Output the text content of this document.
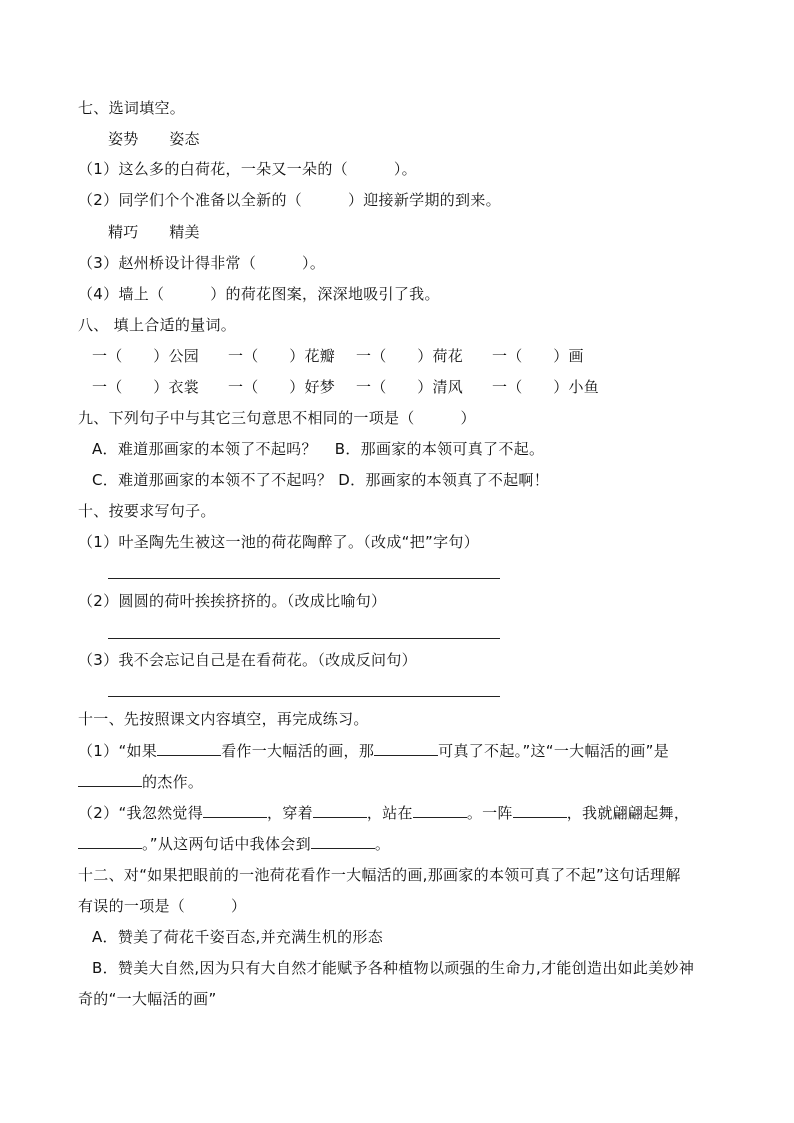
七、选词填空。
姿势　　姿态
（1）这么多的白荷花，一朵又一朵的（　　　）。
（2）同学们个个准备以全新的（　　　）迎接新学期的到来。
精巧　　精美
（3）赵州桥设计得非常（　　　）。
（4）墙上（　　　）的荷花图案，深深地吸引了我。
八、 填上合适的量词。
一（　　）公园 一（　　）花瓣 一（　　）荷花 一（　　）画
一（　　）衣裳 一（　　）好梦 一（　　）清风 一（　　）小鱼
九、下列句子中与其它三句意思不相同的一项是（　　　）
A．难道那画家的本领了不起吗？ B．那画家的本领可真了不起。
C．难道那画家的本领不了不起吗？ D．那画家的本领真了不起啊！
十、按要求写句子。
（1）叶圣陶先生被这一池的荷花陶醉了。（改成“把”字句）
（2）圆圆的荷叶挨挨挤挤的。（改成比喻句）
（3）我不会忘记自己是在看荷花。（改成反问句）
十一、先按照课文内容填空，再完成练习。
（1）“如果	看作一大幅活的画，那	可真了不起。”这“一大幅活的画”是
的杰作。
（2）“我忽然觉得	，穿着	，站在	。一阵	，我就翩翩起舞，
。”从这两句话中我体会到	。
十二、对“如果把眼前的一池荷花看作一大幅活的画,那画家的本领可真了不起”这句话理解
有误的一项是（　　　）
A．赞美了荷花千姿百态,并充满生机的形态
B．赞美大自然,因为只有大自然才能赋予各种植物以顽强的生命力,才能创造出如此美妙神
奇的“一大幅活的画”
